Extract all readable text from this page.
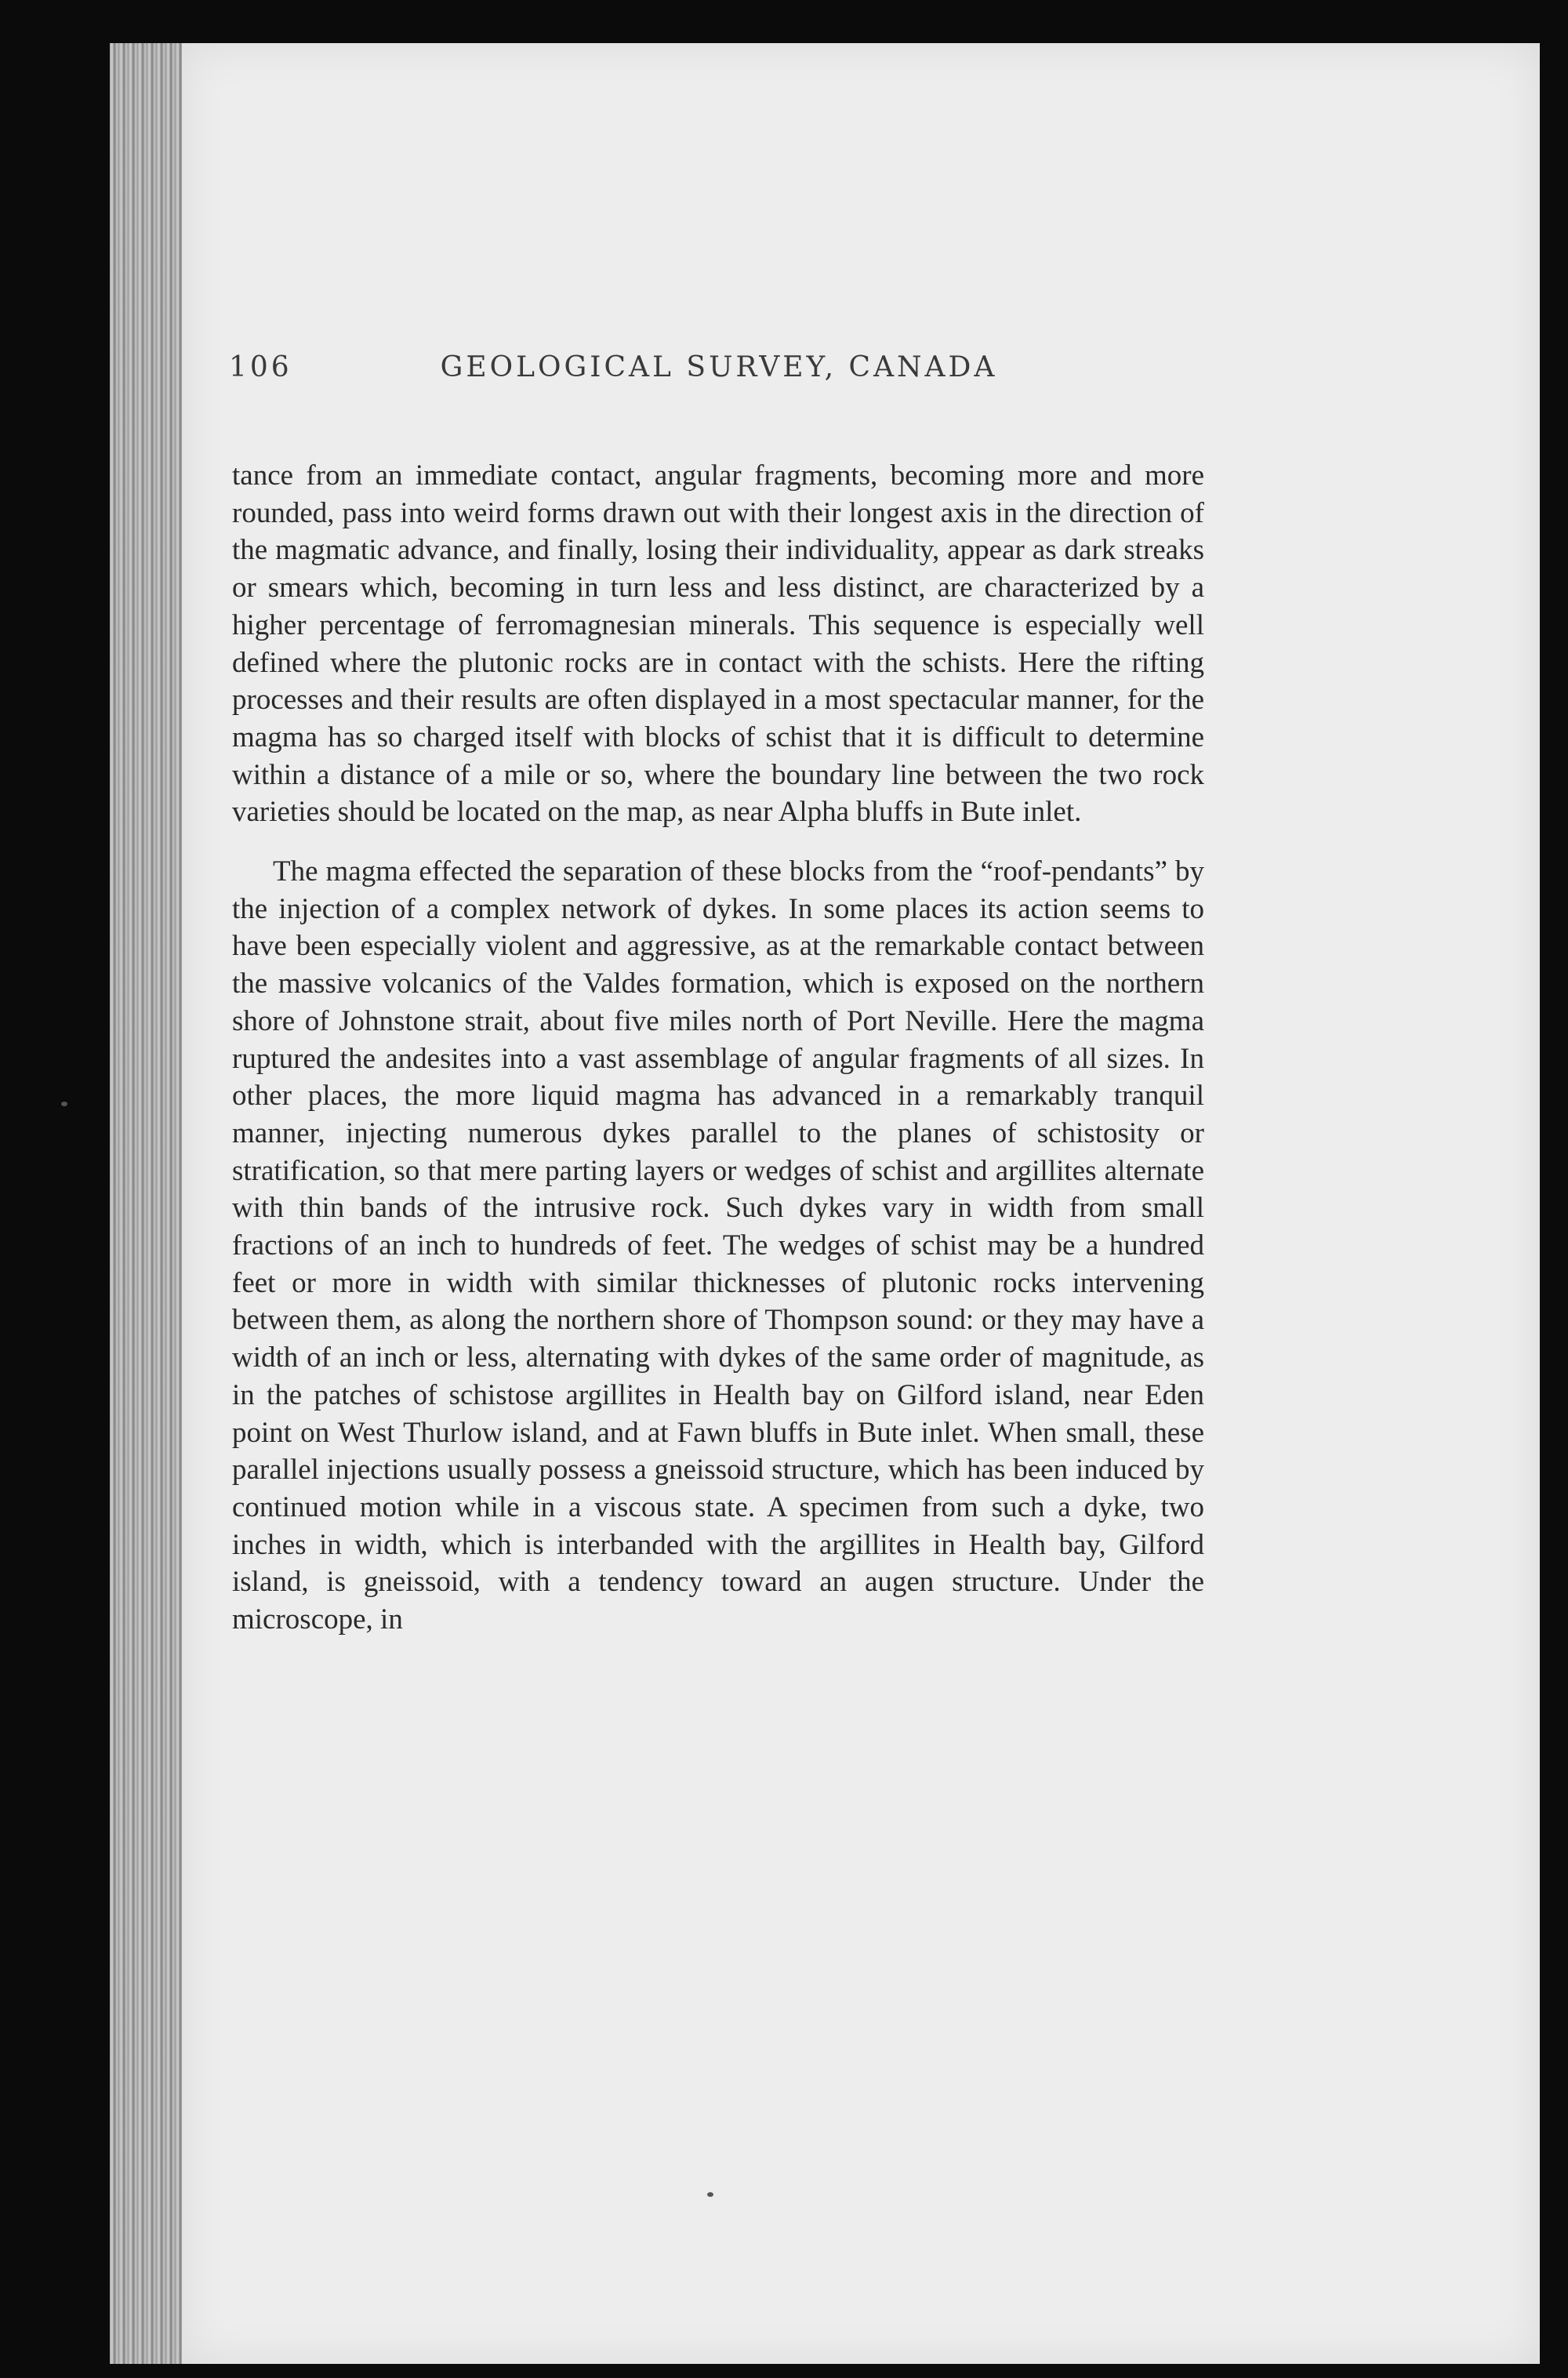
106	GEOLOGICAL SURVEY, CANADA

tance from an immediate contact, angular fragments, becoming more and more rounded, pass into weird forms drawn out with their longest axis in the direction of the magmatic advance, and finally, losing their individuality, appear as dark streaks or smears which, becoming in turn less and less distinct, are characterized by a higher percentage of ferromagnesian minerals. This sequence is especially well defined where the plutonic rocks are in contact with the schists. Here the rifting processes and their results are often displayed in a most spectacular manner, for the magma has so charged itself with blocks of schist that it is difficult to determine within a distance of a mile or so, where the boundary line between the two rock varieties should be located on the map, as near Alpha bluffs in Bute inlet.

The magma effected the separation of these blocks from the “roof-pendants” by the injection of a complex network of dykes. In some places its action seems to have been especially violent and aggressive, as at the remarkable contact between the massive volcanics of the Valdes formation, which is exposed on the northern shore of Johnstone strait, about five miles north of Port Neville. Here the magma ruptured the andesites into a vast assemblage of angular fragments of all sizes. In other places, the more liquid magma has advanced in a remarkably tranquil manner, injecting numerous dykes parallel to the planes of schistosity or stratification, so that mere parting layers or wedges of schist and argillites alternate with thin bands of the intrusive rock. Such dykes vary in width from small fractions of an inch to hundreds of feet. The wedges of schist may be a hundred feet or more in width with similar thicknesses of plutonic rocks intervening between them, as along the northern shore of Thompson sound: or they may have a width of an inch or less, alternating with dykes of the same order of magnitude, as in the patches of schistose argillites in Health bay on Gilford island, near Eden point on West Thurlow island, and at Fawn bluffs in Bute inlet. When small, these parallel injections usually possess a gneissoid structure, which has been induced by continued motion while in a viscous state. A specimen from such a dyke, two inches in width, which is interbanded with the argillites in Health bay, Gilford island, is gneissoid, with a tendency toward an augen structure. Under the microscope, in
